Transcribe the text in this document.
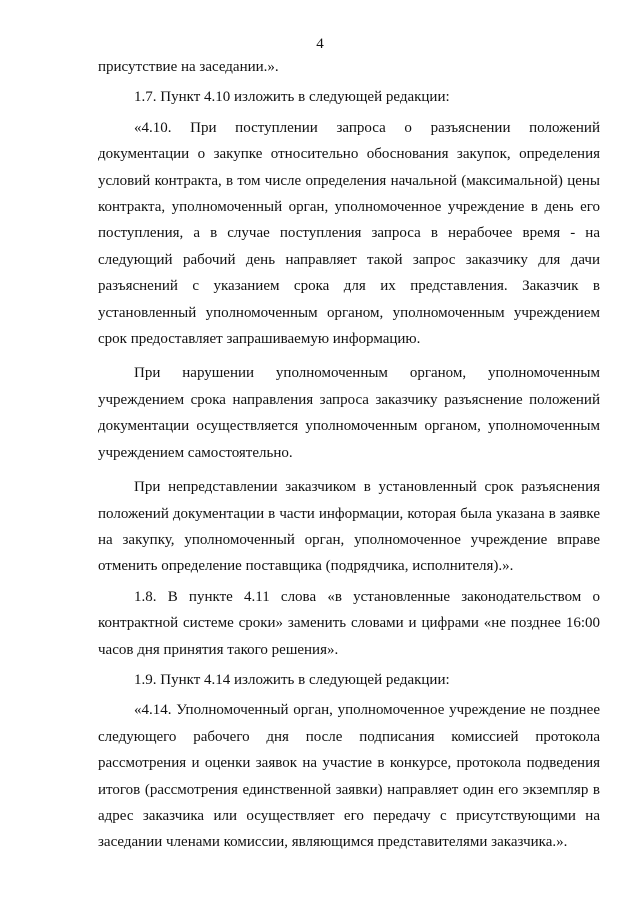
4

присутствие на заседании.».

1.7. Пункт 4.10 изложить в следующей редакции:

«4.10. При поступлении запроса о разъяснении положений документации о закупке относительно обоснования закупок, определения условий контракта, в том числе определения начальной (максимальной) цены контракта, уполномоченный орган, уполномоченное учреждение в день его поступления, а в случае поступления запроса в нерабочее время - на следующий рабочий день направляет такой запрос заказчику для дачи разъяснений с указанием срока для их представления. Заказчик в установленный уполномоченным органом, уполномоченным учреждением срок предоставляет запрашиваемую информацию.

При нарушении уполномоченным органом, уполномоченным учреждением срока направления запроса заказчику разъяснение положений документации осуществляется уполномоченным органом, уполномоченным учреждением самостоятельно.

При непредставлении заказчиком в установленный срок разъяснения положений документации в части информации, которая была указана в заявке на закупку, уполномоченный орган, уполномоченное учреждение вправе отменить определение поставщика (подрядчика, исполнителя).».

1.8. В пункте 4.11 слова «в установленные законодательством о контрактной системе сроки» заменить словами и цифрами «не позднее 16:00 часов дня принятия такого решения».

1.9. Пункт 4.14 изложить в следующей редакции:

«4.14. Уполномоченный орган, уполномоченное учреждение не позднее следующего рабочего дня после подписания комиссией протокола рассмотрения и оценки заявок на участие в конкурсе, протокола подведения итогов (рассмотрения единственной заявки) направляет один его экземпляр в адрес заказчика или осуществляет его передачу с присутствующими на заседании членами комиссии, являющимся представителями заказчика.».
